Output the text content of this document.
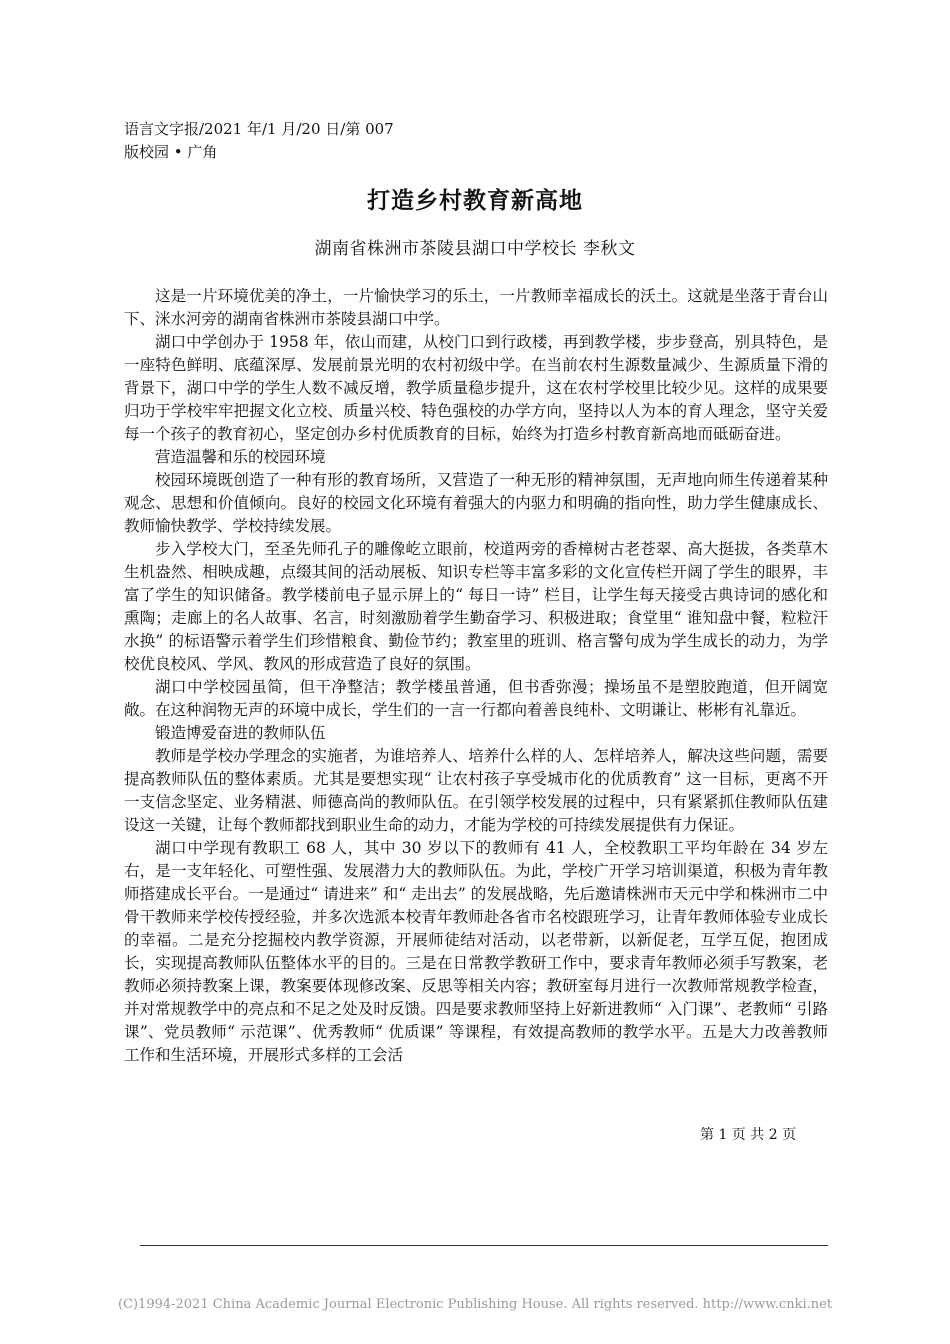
语言文字报/2021 年/1 月/20 日/第 007
版校园 • 广角
打造乡村教育新高地
湖南省株洲市茶陵县湖口中学校长 李秋文

这是一片环境优美的净土，一片愉快学习的乐土，一片教师幸福成长的沃土。这就是坐落于青台山下、洣水河旁的湖南省株洲市茶陵县湖口中学。

湖口中学创办于 1958 年，依山而建，从校门口到行政楼，再到教学楼，步步登高，别具特色，是一座特色鲜明、底蕴深厚、发展前景光明的农村初级中学。在当前农村生源数量减少、生源质量下滑的背景下，湖口中学的学生人数不减反增，教学质量稳步提升，这在农村学校里比较少见。这样的成果要归功于学校牢牢把握文化立校、质量兴校、特色强校的办学方向，坚持以人为本的育人理念，坚守关爱每一个孩子的教育初心，坚定创办乡村优质教育的目标，始终为打造乡村教育新高地而砥砺奋进。

营造温馨和乐的校园环境

校园环境既创造了一种有形的教育场所，又营造了一种无形的精神氛围，无声地向师生传递着某种观念、思想和价值倾向。良好的校园文化环境有着强大的内驱力和明确的指向性，助力学生健康成长、教师愉快教学、学校持续发展。

步入学校大门，至圣先师孔子的雕像屹立眼前，校道两旁的香樟树古老苍翠、高大挺拔，各类草木生机盎然、相映成趣，点缀其间的活动展板、知识专栏等丰富多彩的文化宣传栏开阔了学生的眼界，丰富了学生的知识储备。教学楼前电子显示屏上的“ 每日一诗” 栏目，让学生每天接受古典诗词的感化和熏陶；走廊上的名人故事、名言，时刻激励着学生勤奋学习、积极进取；食堂里“ 谁知盘中餐，粒粒汗水换” 的标语警示着学生们珍惜粮食、勤俭节约；教室里的班训、格言警句成为学生成长的动力，为学校优良校风、学风、教风的形成营造了良好的氛围。

湖口中学校园虽简，但干净整洁；教学楼虽普通，但书香弥漫；操场虽不是塑胶跑道，但开阔宽敞。在这种润物无声的环境中成长，学生们的一言一行都向着善良纯朴、文明谦让、彬彬有礼靠近。

锻造博爱奋进的教师队伍

教师是学校办学理念的实施者，为谁培养人、培养什么样的人、怎样培养人，解决这些问题，需要提高教师队伍的整体素质。尤其是要想实现“ 让农村孩子享受城市化的优质教育” 这一目标，更离不开一支信念坚定、业务精湛、师德高尚的教师队伍。在引领学校发展的过程中，只有紧紧抓住教师队伍建设这一关键，让每个教师都找到职业生命的动力，才能为学校的可持续发展提供有力保证。

湖口中学现有教职工 68 人，其中 30 岁以下的教师有 41 人，全校教职工平均年龄在 34 岁左右，是一支年轻化、可塑性强、发展潜力大的教师队伍。为此，学校广开学习培训渠道，积极为青年教师搭建成长平台。一是通过“ 请进来” 和“ 走出去” 的发展战略，先后邀请株洲市天元中学和株洲市二中骨干教师来学校传授经验，并多次选派本校青年教师赴各省市名校跟班学习，让青年教师体验专业成长的幸福。二是充分挖掘校内教学资源，开展师徒结对活动，以老带新，以新促老，互学互促，抱团成长，实现提高教师队伍整体水平的目的。三是在日常教学教研工作中，要求青年教师必须手写教案，老教师必须持教案上课，教案要体现修改案、反思等相关内容；教研室每月进行一次教师常规教学检查，并对常规教学中的亮点和不足之处及时反馈。四是要求教师坚持上好新进教师“ 入门课”、老教师“ 引路课”、党员教师“ 示范课”、优秀教师“ 优质课” 等课程，有效提高教师的教学水平。五是大力改善教师工作和生活环境，开展形式多样的工会活

第 1 页 共 2 页
(C)1994-2021 China Academic Journal Electronic Publishing House. All rights reserved. http://www.cnki.net
